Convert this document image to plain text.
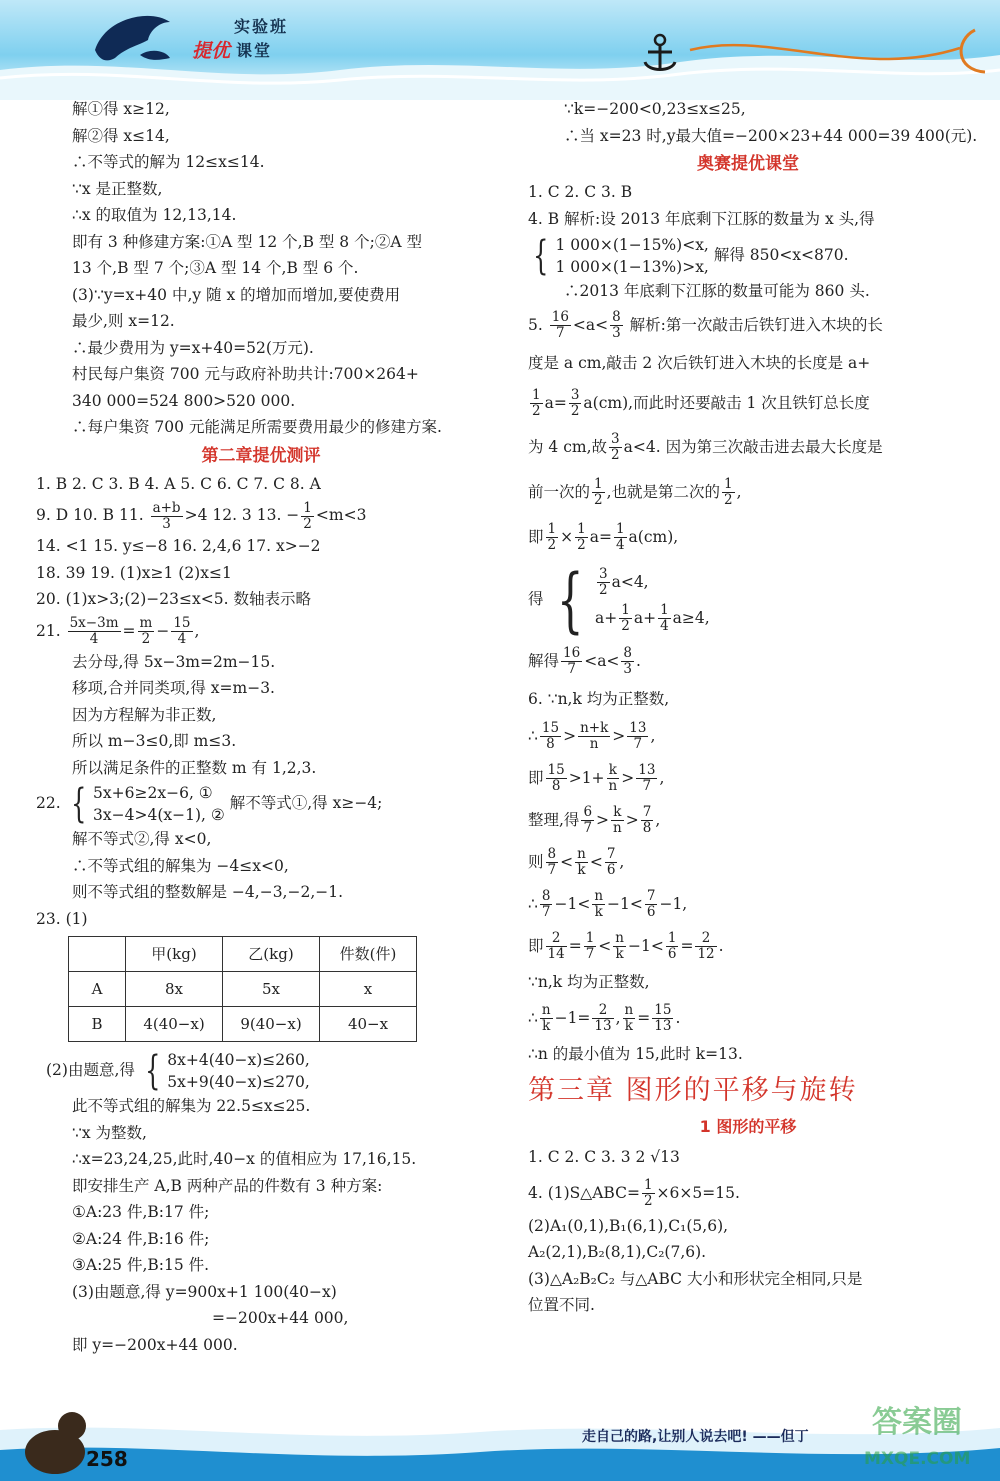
实验班
提优 课堂
解①得 x≥12,
解②得 x≤14,
∴不等式的解为 12≤x≤14.
∵x 是正整数,
∴x 的取值为 12,13,14.
即有 3 种修建方案:①A 型 12 个,B 型 8 个;②A 型
13 个,B 型 7 个;③A 型 14 个,B 型 6 个.
(3)∵y=x+40 中,y 随 x 的增加而增加,要使费用
最少,则 x=12.
∴最少费用为 y=x+40=52(万元).
村民每户集资 700 元与政府补助共计:700×264+
340 000=524 800>520 000.
∴每户集资 700 元能满足所需要费用最少的修建方案.
第二章提优测评
1. B 2. C 3. B 4. A 5. C 6. C 7. C 8. A
9. D 10. B 11. $\frac{a+b}{3} >4$ 12. 3 13. − $\frac{1}{2} <m<3$
14. <1 15. y≤−8 16. 2,4,6 17. x>−2
18. 39 19. (1)x≥1 (2)x≤1
20. (1)x>3;(2)−23≤x<5. 数轴表示略
21. $\frac{5x-3m}{4} = \frac{m}{2} - \frac{15}{4}$ ,
去分母,得 5x−3m=2m−15.
移项,合并同类项,得 x=m−3.
因为方程解为非正数,
所以 m−3≤0,即 m≤3.
所以满足条件的正整数 m 有 1,2,3.
22. { 5x+6≥2x−6, ①
3x−4>4(x−1), ②
解不等式①,得 x≥−4;
解不等式②,得 x<0,
∴不等式组的解集为 −4≤x<0,
则不等式组的整数解是 −4,−3,−2,−1.
23. (1)
	甲(kg)	乙(kg)	件数(件)
A	8x	5x	x
B	4(40−x)	9(40−x)	40−x
(2)由题意,得 { 8x+4(40−x)≤260,
5x+9(40−x)≤270,
此不等式组的解集为 22.5≤x≤25.
∵x 为整数,
∴x=23,24,25,此时,40−x 的值相应为 17,16,15.
即安排生产 A,B 两种产品的件数有 3 种方案:
①A:23 件,B:17 件;
②A:24 件,B:16 件;
③A:25 件,B:15 件.
(3)由题意,得 y=900x+1 100(40−x)
=−200x+44 000,
即 y=−200x+44 000.
∵k=−200<0,23≤x≤25,
∴当 x=23 时,y最大值=−200×23+44 000=39 400(元).
奥赛提优课堂
1. C 2. C 3. B
4. B 解析:设 2013 年底剩下江豚的数量为 x 头,得
{ 1 000×(1−15%)<x,
1 000×(1−13%)>x,
解得 850<x<870.
∴2013 年底剩下江豚的数量可能为 860 头.
5. $\frac{16}{7} <a< \frac{8}{3}$ 解析:第一次敲击后铁钉进入木块的长
度是 a cm,敲击 2 次后铁钉进入木块的长度是 a+
$\frac{1}{2} a= \frac{3}{2} a(cm)$,而此时还要敲击 1 次且铁钉总长度
为 4 cm,故 $\frac{3}{2} a<4$. 因为第三次敲击进去最大长度是
前一次的 $\frac{1}{2}$ ,也就是第二次的 $\frac{1}{2}$ ,
即 $\frac{1}{2} \times \frac{1}{2} a= \frac{1}{4} a(cm)$,
得 { $\frac{3}{2} a<4$,
$a+ \frac{1}{2} a+ \frac{1}{4} a\ge 4$,
解得 $\frac{16}{7} <a< \frac{8}{3}$ .
6. ∵n,k 均为正整数,
∴ $\frac{15}{8} > \frac{n+k}{n} > \frac{13}{7}$ ,
即 $\frac{15}{8} >1+ \frac{k}{n} > \frac{13}{7}$ ,
整理,得 $\frac{6}{7} > \frac{k}{n} > \frac{7}{8}$ ,
则 $\frac{8}{7} < \frac{n}{k} < \frac{7}{6}$ ,
∴ $\frac{8}{7} -1< \frac{n}{k} -1< \frac{7}{6} -1$,
即 $\frac{2}{14} = \frac{1}{7} < \frac{n}{k} -1< \frac{1}{6} = \frac{2}{12}$ .
∵n,k 均为正整数,
∴ $\frac{n}{k} -1= \frac{2}{13}$ , $\frac{n}{k} = \frac{15}{13}$ .
∴n 的最小值为 15,此时 k=13.
第三章 图形的平移与旋转
1 图形的平移
1. C 2. C 3. 3 2 √13
4. (1)S△ABC= $\frac{1}{2} \times 6\times 5=15$.
(2)A₁(0,1),B₁(6,1),C₁(5,6),
A₂(2,1),B₂(8,1),C₂(7,6).
(3)△A₂B₂C₂ 与△ABC 大小和形状完全相同,只是
位置不同.
258
走自己的路,让别人说去吧! ——但丁 答案圈
MXQE.COM
